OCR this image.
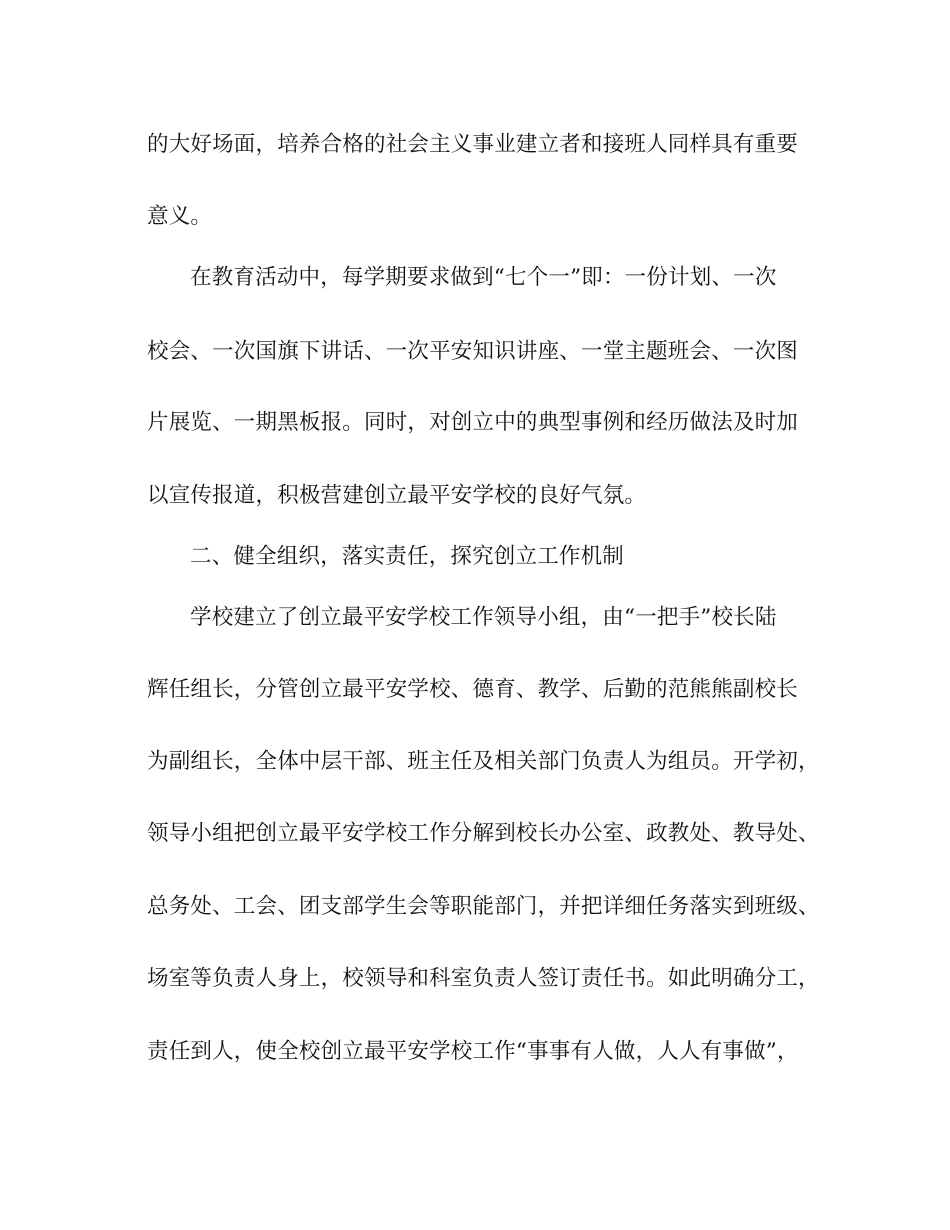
的大好场面，培养合格的社会主义事业建立者和接班人同样具有重要
意义。
在教育活动中，每学期要求做到“七个一”即：一份计划、一次
校会、一次国旗下讲话、一次平安知识讲座、一堂主题班会、一次图
片展览、一期黑板报。同时，对创立中的典型事例和经历做法及时加
以宣传报道，积极营建创立最平安学校的良好气氛。
二、健全组织，落实责任，探究创立工作机制
学校建立了创立最平安学校工作领导小组，由“一把手”校长陆
辉任组长，分管创立最平安学校、德育、教学、后勤的范熊熊副校长
为副组长，全体中层干部、班主任及相关部门负责人为组员。开学初，
领导小组把创立最平安学校工作分解到校长办公室、政教处、教导处、
总务处、工会、团支部学生会等职能部门，并把详细任务落实到班级、
场室等负责人身上，校领导和科室负责人签订责任书。如此明确分工，
责任到人，使全校创立最平安学校工作“事事有人做，人人有事做”，
